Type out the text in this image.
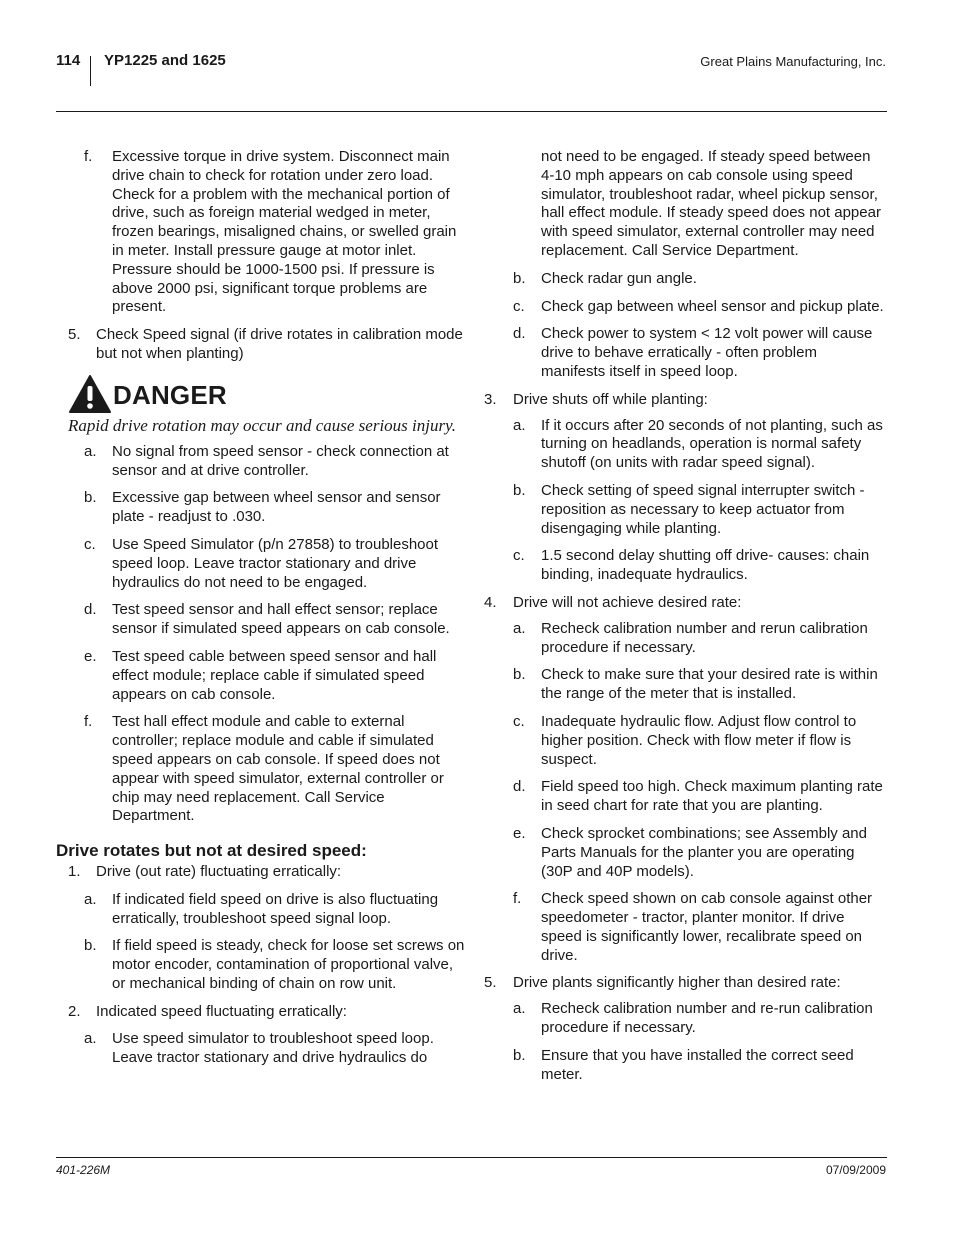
114 YP1225 and 1625	Great Plains Manufacturing, Inc.
f.	Excessive torque in drive system. Disconnect main drive chain to check for rotation under zero load. Check for a problem with the mechanical portion of drive, such as foreign material wedged in meter, frozen bearings, misaligned chains, or swelled grain in meter. Install pressure gauge at motor inlet. Pressure should be 1000-1500 psi. If pressure is above 2000 psi, significant torque problems are present.
5.	Check Speed signal (if drive rotates in calibration mode but not when planting)
DANGER
Rapid drive rotation may occur and cause serious injury.
a.	No signal from speed sensor - check connection at sensor and at drive controller.
b.	Excessive gap between wheel sensor and sensor plate - readjust to .030.
c.	Use Speed Simulator (p/n 27858) to troubleshoot speed loop. Leave tractor stationary and drive hydraulics do not need to be engaged.
d.	Test speed sensor and hall effect sensor; replace sensor if simulated speed appears on cab console.
e.	Test speed cable between speed sensor and hall effect module; replace cable if simulated speed appears on cab console.
f.	Test hall effect module and cable to external controller; replace module and cable if simulated speed appears on cab console. If speed does not appear with speed simulator, external controller or chip may need replacement. Call Service Department.
Drive rotates but not at desired speed:
1.	Drive (out rate) fluctuating erratically:
a.	If indicated field speed on drive is also fluctuating erratically, troubleshoot speed signal loop.
b.	If field speed is steady, check for loose set screws on motor encoder, contamination of proportional valve, or mechanical binding of chain on row unit.
2.	Indicated speed fluctuating erratically:
a.	Use speed simulator to troubleshoot speed loop. Leave tractor stationary and drive hydraulics do
not need to be engaged. If steady speed between 4-10 mph appears on cab console using speed simulator, troubleshoot radar, wheel pickup sensor, hall effect module. If steady speed does not appear with speed simulator, external controller may need replacement. Call Service Department.
b.	Check radar gun angle.
c.	Check gap between wheel sensor and pickup plate.
d.	Check power to system < 12 volt power will cause drive to behave erratically - often problem manifests itself in speed loop.
3.	Drive shuts off while planting:
a.	If it occurs after 20 seconds of not planting, such as turning on headlands, operation is normal safety shutoff (on units with radar speed signal).
b.	Check setting of speed signal interrupter switch - reposition as necessary to keep actuator from disengaging while planting.
c.	1.5 second delay shutting off drive- causes: chain binding, inadequate hydraulics.
4.	Drive will not achieve desired rate:
a.	Recheck calibration number and rerun calibration procedure if necessary.
b.	Check to make sure that your desired rate is within the range of the meter that is installed.
c.	Inadequate hydraulic flow. Adjust flow control to higher position. Check with flow meter if flow is suspect.
d.	Field speed too high. Check maximum planting rate in seed chart for rate that you are planting.
e.	Check sprocket combinations; see Assembly and Parts Manuals for the planter you are operating (30P and 40P models).
f.	Check speed shown on cab console against other speedometer - tractor, planter monitor. If drive speed is significantly lower, recalibrate speed on drive.
5.	Drive plants significantly higher than desired rate:
a.	Recheck calibration number and re-run calibration procedure if necessary.
b.	Ensure that you have installed the correct seed meter.
401-226M	07/09/2009
